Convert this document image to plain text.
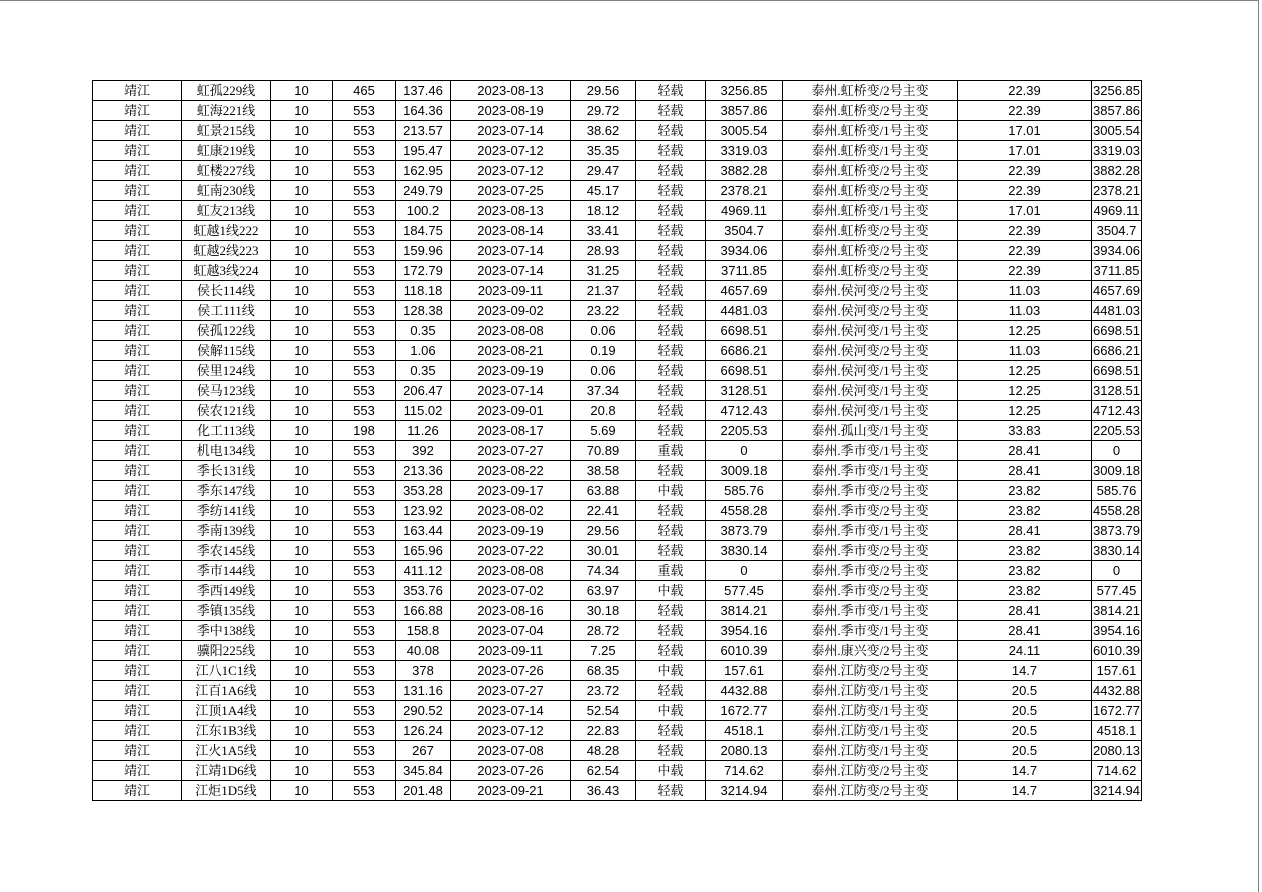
靖江	虹孤229线	10	465	137.46	2023-08-13	29.56	轻载	3256.85	泰州.虹桥变/2号主变	22.39	3256.85
靖江	虹海221线	10	553	164.36	2023-08-19	29.72	轻载	3857.86	泰州.虹桥变/2号主变	22.39	3857.86
靖江	虹景215线	10	553	213.57	2023-07-14	38.62	轻载	3005.54	泰州.虹桥变/1号主变	17.01	3005.54
靖江	虹康219线	10	553	195.47	2023-07-12	35.35	轻载	3319.03	泰州.虹桥变/1号主变	17.01	3319.03
靖江	虹楼227线	10	553	162.95	2023-07-12	29.47	轻载	3882.28	泰州.虹桥变/2号主变	22.39	3882.28
靖江	虹南230线	10	553	249.79	2023-07-25	45.17	轻载	2378.21	泰州.虹桥变/2号主变	22.39	2378.21
靖江	虹友213线	10	553	100.2	2023-08-13	18.12	轻载	4969.11	泰州.虹桥变/1号主变	17.01	4969.11
靖江	虹越1线222	10	553	184.75	2023-08-14	33.41	轻载	3504.7	泰州.虹桥变/2号主变	22.39	3504.7
靖江	虹越2线223	10	553	159.96	2023-07-14	28.93	轻载	3934.06	泰州.虹桥变/2号主变	22.39	3934.06
靖江	虹越3线224	10	553	172.79	2023-07-14	31.25	轻载	3711.85	泰州.虹桥变/2号主变	22.39	3711.85
靖江	侯长114线	10	553	118.18	2023-09-11	21.37	轻载	4657.69	泰州.侯河变/2号主变	11.03	4657.69
靖江	侯工111线	10	553	128.38	2023-09-02	23.22	轻载	4481.03	泰州.侯河变/2号主变	11.03	4481.03
靖江	侯孤122线	10	553	0.35	2023-08-08	0.06	轻载	6698.51	泰州.侯河变/1号主变	12.25	6698.51
靖江	侯解115线	10	553	1.06	2023-08-21	0.19	轻载	6686.21	泰州.侯河变/2号主变	11.03	6686.21
靖江	侯里124线	10	553	0.35	2023-09-19	0.06	轻载	6698.51	泰州.侯河变/1号主变	12.25	6698.51
靖江	侯马123线	10	553	206.47	2023-07-14	37.34	轻载	3128.51	泰州.侯河变/1号主变	12.25	3128.51
靖江	侯农121线	10	553	115.02	2023-09-01	20.8	轻载	4712.43	泰州.侯河变/1号主变	12.25	4712.43
靖江	化工113线	10	198	11.26	2023-08-17	5.69	轻载	2205.53	泰州.孤山变/1号主变	33.83	2205.53
靖江	机电134线	10	553	392	2023-07-27	70.89	重载	0	泰州.季市变/1号主变	28.41	0
靖江	季长131线	10	553	213.36	2023-08-22	38.58	轻载	3009.18	泰州.季市变/1号主变	28.41	3009.18
靖江	季东147线	10	553	353.28	2023-09-17	63.88	中载	585.76	泰州.季市变/2号主变	23.82	585.76
靖江	季纺141线	10	553	123.92	2023-08-02	22.41	轻载	4558.28	泰州.季市变/2号主变	23.82	4558.28
靖江	季南139线	10	553	163.44	2023-09-19	29.56	轻载	3873.79	泰州.季市变/1号主变	28.41	3873.79
靖江	季农145线	10	553	165.96	2023-07-22	30.01	轻载	3830.14	泰州.季市变/2号主变	23.82	3830.14
靖江	季市144线	10	553	411.12	2023-08-08	74.34	重载	0	泰州.季市变/2号主变	23.82	0
靖江	季西149线	10	553	353.76	2023-07-02	63.97	中载	577.45	泰州.季市变/2号主变	23.82	577.45
靖江	季镇135线	10	553	166.88	2023-08-16	30.18	轻载	3814.21	泰州.季市变/1号主变	28.41	3814.21
靖江	季中138线	10	553	158.8	2023-07-04	28.72	轻载	3954.16	泰州.季市变/1号主变	28.41	3954.16
靖江	骥阳225线	10	553	40.08	2023-09-11	7.25	轻载	6010.39	泰州.康兴变/2号主变	24.11	6010.39
靖江	江八1C1线	10	553	378	2023-07-26	68.35	中载	157.61	泰州.江防变/2号主变	14.7	157.61
靖江	江百1A6线	10	553	131.16	2023-07-27	23.72	轻载	4432.88	泰州.江防变/1号主变	20.5	4432.88
靖江	江顶1A4线	10	553	290.52	2023-07-14	52.54	中载	1672.77	泰州.江防变/1号主变	20.5	1672.77
靖江	江东1B3线	10	553	126.24	2023-07-12	22.83	轻载	4518.1	泰州.江防变/1号主变	20.5	4518.1
靖江	江火1A5线	10	553	267	2023-07-08	48.28	轻载	2080.13	泰州.江防变/1号主变	20.5	2080.13
靖江	江靖1D6线	10	553	345.84	2023-07-26	62.54	中载	714.62	泰州.江防变/2号主变	14.7	714.62
靖江	江炬1D5线	10	553	201.48	2023-09-21	36.43	轻载	3214.94	泰州.江防变/2号主变	14.7	3214.94
